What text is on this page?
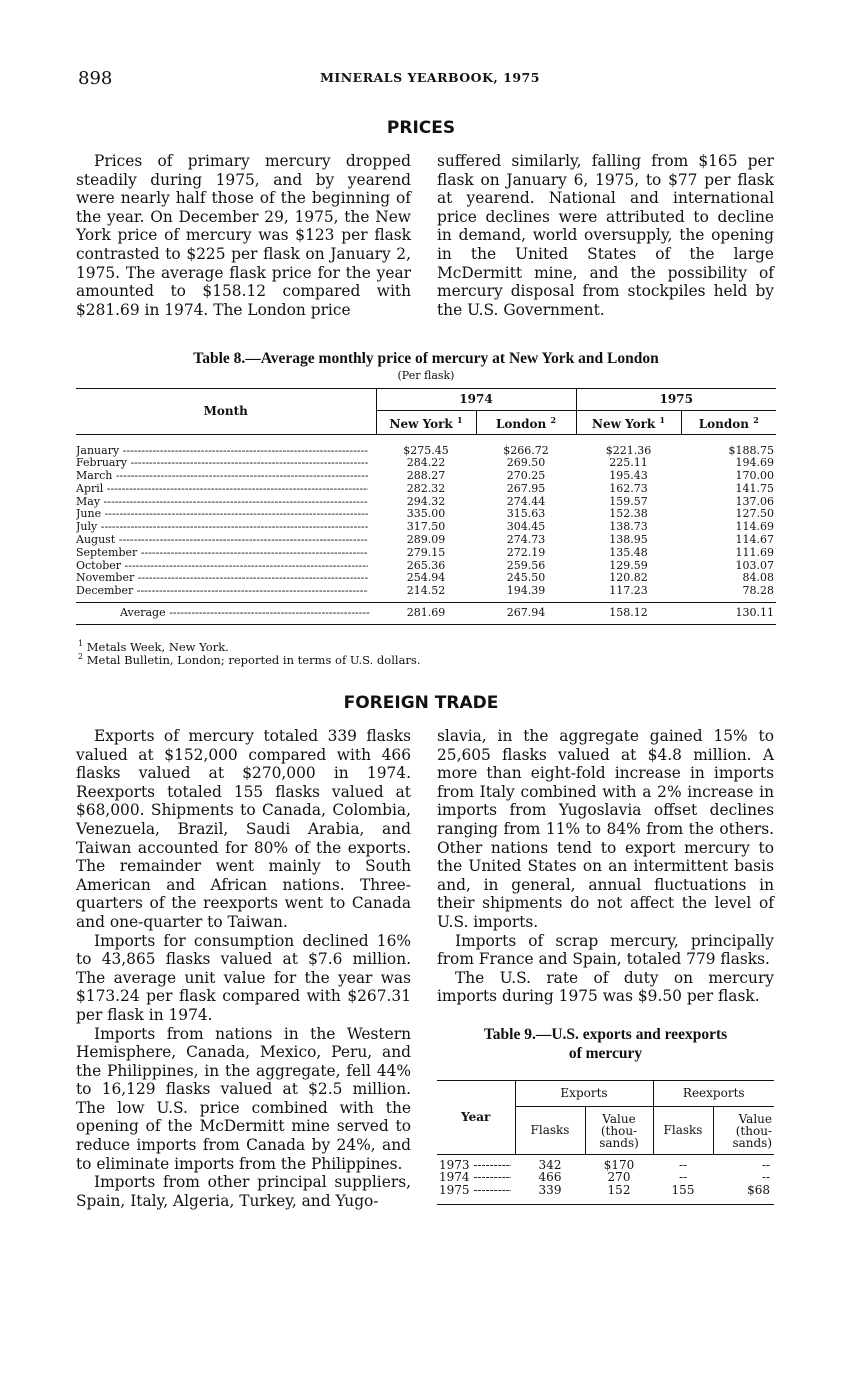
898	MINERALS YEARBOOK, 1975
PRICES

Prices of primary mercury dropped steadily during 1975, and by yearend were nearly half those of the beginning of the year. On December 29, 1975, the New York price of mercury was $123 per flask contrasted to $225 per flask on January 2, 1975. The average flask price for the year amounted to $158.12 compared with $281.69 in 1974. The London price

suffered similarly, falling from $165 per flask on January 6, 1975, to $77 per flask at yearend. National and international price declines were attributed to decline in demand, world oversupply, the opening in the United States of the large McDermitt mine, and the possibility of mercury disposal from stockpiles held by the U.S. Government.

Table 8.—Average monthly price of mercury at New York and London
(Per flask)
Month	1974		1975	
	New York $^1$	London $^2$	New York $^1$	London $^2$

January -----	$275.45	$266.72	$221.36	$188.75

February -----	284.22	269.50	225.11	194.69

March -----	288.27	270.25	195.43	170.00

April -----	282.32	267.95	162.73	141.75

May -----	294.32	274.44	159.57	137.06

June -----	335.00	315.63	152.38	127.50

July -----	317.50	304.45	138.73	114.69

August -----	289.09	274.73	138.95	114.67

September -----	279.15	272.19	135.48	111.69

October -----	265.36	259.56	129.59	103.07

November -----	254.94	245.50	120.82	84.08

December -----	214.52	194.39	117.23	78.28

Average -----	281.69	267.94	158.12	130.11
$^1$ Metals Week, New York.
$^2$ Metal Bulletin, London; reported in terms of U.S. dollars.
FOREIGN TRADE

Exports of mercury totaled 339 flasks valued at $152,000 compared with 466 flasks valued at $270,000 in 1974. Reexports totaled 155 flasks valued at $68,000. Shipments to Canada, Colombia, Venezuela, Brazil, Saudi Arabia, and Taiwan accounted for 80% of the exports. The remainder went mainly to South American and African nations. Three-quarters of the reexports went to Canada and one-quarter to Taiwan.

Imports for consumption declined 16% to 43,865 flasks valued at $7.6 million. The average unit value for the year was $173.24 per flask compared with $267.31 per flask in 1974.

Imports from nations in the Western Hemisphere, Canada, Mexico, Peru, and the Philippines, in the aggregate, fell 44% to 16,129 flasks valued at $2.5 million. The low U.S. price combined with the opening of the McDermitt mine served to reduce imports from Canada by 24%, and to eliminate imports from the Philippines.

Imports from other principal suppliers, Spain, Italy, Algeria, Turkey, and Yugo-

slavia, in the aggregate gained 15% to 25,605 flasks valued at $4.8 million. A more than eight-fold increase in imports from Italy combined with a 2% increase in imports from Yugoslavia offset declines ranging from 11% to 84% from the others. Other nations tend to export mercury to the United States on an intermittent basis and, in general, annual fluctuations in their shipments do not affect the level of U.S. imports.

Imports of scrap mercury, principally from France and Spain, totaled 779 flasks.

The U.S. rate of duty on mercury imports during 1975 was $9.50 per flask.

Table 9.—U.S. exports and reexports
of mercury
Year	Exports		Reexports	
	Flasks	Value
(thou-
sands)	Flasks	Value
(thou-
sands)

1973 -----	342	$170	--	--

1974 -----	466	270	--	--

1975 -----	339	152	155	$68
